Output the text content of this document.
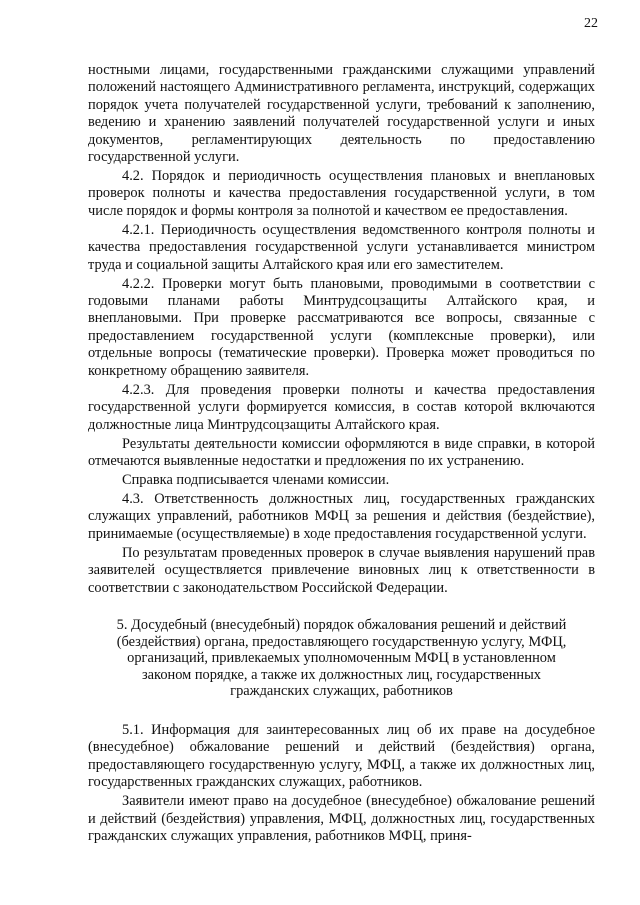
22

ностными лицами, государственными гражданскими служащими управлений положений настоящего Административного регламента, инструкций, содержащих порядок учета получателей государственной услуги, требований к заполнению, ведению и хранению заявлений получателей государственной услуги и иных документов, регламентирующих деятельность по предоставлению государственной услуги.

4.2. Порядок и периодичность осуществления плановых и внеплановых проверок полноты и качества предоставления государственной услуги, в том числе порядок и формы контроля за полнотой и качеством ее предоставления.

4.2.1. Периодичность осуществления ведомственного контроля полноты и качества предоставления государственной услуги устанавливается министром труда и социальной защиты Алтайского края или его заместителем.

4.2.2. Проверки могут быть плановыми, проводимыми в соответствии с годовыми планами работы Минтрудсоцзащиты Алтайского края, и внеплановыми. При проверке рассматриваются все вопросы, связанные с предоставлением государственной услуги (комплексные проверки), или отдельные вопросы (тематические проверки). Проверка может проводиться по конкретному обращению заявителя.

4.2.3. Для проведения проверки полноты и качества предоставления государственной услуги формируется комиссия, в состав которой включаются должностные лица Минтрудсоцзащиты Алтайского края.

Результаты деятельности комиссии оформляются в виде справки, в которой отмечаются выявленные недостатки и предложения по их устранению.

Справка подписывается членами комиссии.

4.3. Ответственность должностных лиц, государственных гражданских служащих управлений, работников МФЦ за решения и действия (бездействие), принимаемые (осуществляемые) в ходе предоставления государственной услуги.

По результатам проведенных проверок в случае выявления нарушений прав заявителей осуществляется привлечение виновных лиц к ответственности в соответствии с законодательством Российской Федерации.

5. Досудебный (внесудебный) порядок обжалования решений и действий (бездействия) органа, предоставляющего государственную услугу, МФЦ, организаций, привлекаемых уполномоченным МФЦ в установленном законом порядке, а также их должностных лиц, государственных гражданских служащих, работников

5.1. Информация для заинтересованных лиц об их праве на досудебное (внесудебное) обжалование решений и действий (бездействия) органа, предоставляющего государственную услугу, МФЦ, а также их должностных лиц, государственных гражданских служащих, работников.

Заявители имеют право на досудебное (внесудебное) обжалование решений и действий (бездействия) управления, МФЦ, должностных лиц, государственных гражданских служащих управления, работников МФЦ, приня-
